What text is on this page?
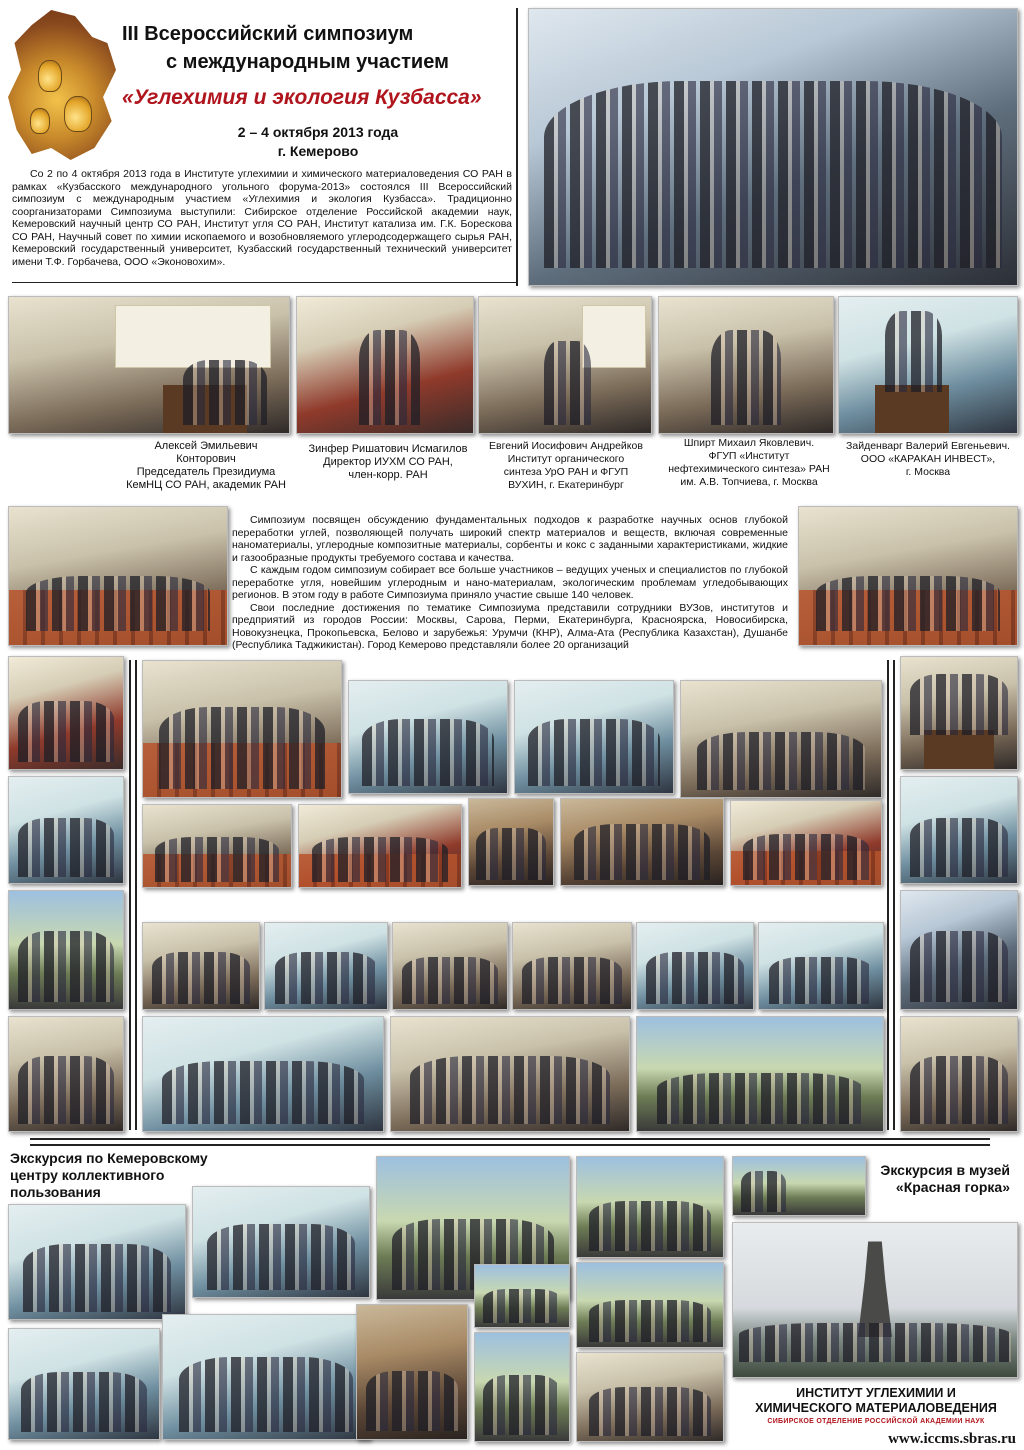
III Всероссийский симпозиум
с международным участием
«Углехимия и экология Кузбасса»
2 – 4 октября 2013 года
г. Кемерово

Со 2 по 4 октября 2013 года в Институте углехимии и химического материаловедения СО РАН в рамках «Кузбасского международного угольного форума-2013» состоялся III Всероссийский симпозиум с международным участием «Углехимия и экология Кузбасса». Традиционно соорганизаторами Симпозиума выступили: Сибирское отделение Российской академии наук, Кемеровский научный центр СО РАН, Институт угля СО РАН, Институт катализа им. Г.К. Борескова СО РАН, Научный совет по химии ископаемого и возобновляемого углеродсодержащего сырья РАН, Кемеровский государственный университет, Кузбасский государственный технический университет имени Т.Ф. Горбачева, ООО «Эконовохим».

Алексей Эмильевич
Конторович
Председатель Президиума
КемНЦ СО РАН, академик РАН
Зинфер Ришатович Исмагилов
Директор ИУХМ СО РАН,
член-корр. РАН
Евгений Иосифович Андрейков
Институт органического
синтеза УрО РАН и ФГУП
ВУХИН, г. Екатеринбург
Шпирт Михаил Яковлевич.
ФГУП «Институт
нефтехимического синтеза» РАН
им. А.В. Топчиева, г. Москва
Зайденварг Валерий Евгеньевич.
ООО «КАРАКАН ИНВЕСТ»,
г. Москва

Симпозиум посвящен обсуждению фундаментальных подходов к разработке научных основ глубокой переработки углей, позволяющей получать широкий спектр материалов и веществ, включая современные наноматериалы, углеродные композитные материалы, сорбенты и кокс с заданными характеристиками, жидкие и газообразные продукты требуемого состава и качества.

С каждым годом симпозиум собирает все больше участников – ведущих ученых и специалистов по глубокой переработке угля, новейшим углеродным и нано-материалам, экологическим проблемам угледобывающих регионов. В этом году в работе Симпозиума приняло участие свыше 140 человек.

Свои последние достижения по тематике Симпозиума представили сотрудники ВУЗов, институтов и предприятий из городов России: Москвы, Сарова, Перми, Екатеринбурга, Красноярска, Новосибирска, Новокузнецка, Прокопьевска, Белово и зарубежья: Урумчи (КНР), Алма-Ата (Республика Казахстан), Душанбе (Республика Таджикистан). Город Кемерово представляли более 20 организаций

Экскурсия по Кемеровскому центру коллективного пользования
Экскурсия в музей «Красная горка»
ИНСТИТУТ УГЛЕХИМИИ И
ХИМИЧЕСКОГО МАТЕРИАЛОВЕДЕНИЯ
СИБИРСКОЕ ОТДЕЛЕНИЕ РОССИЙСКОЙ АКАДЕМИИ НАУК
www.iccms.sbras.ru
